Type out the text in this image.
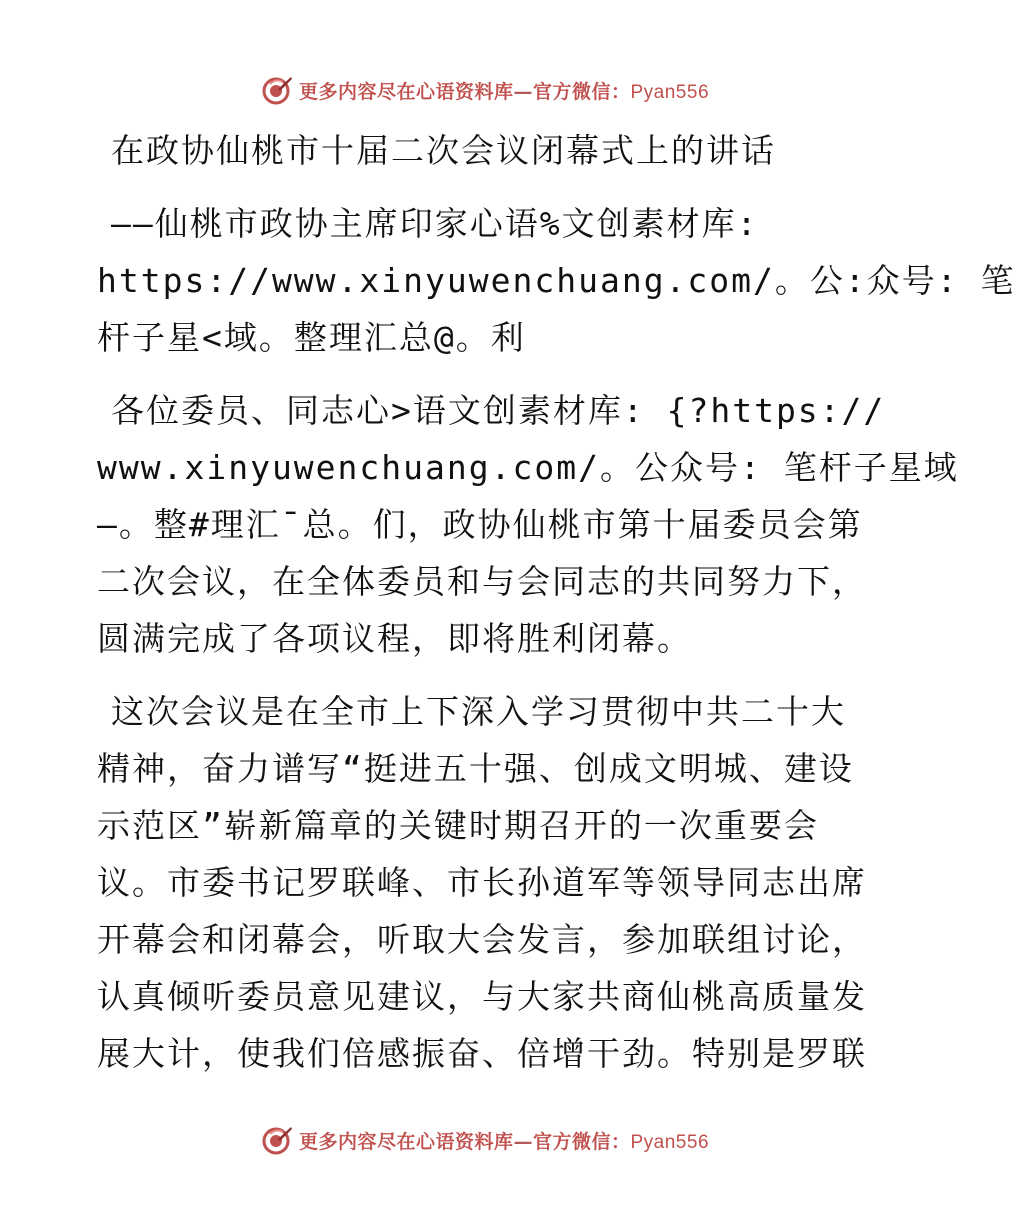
更多内容尽在心语资料库—官方微信：Pyan556
在政协仙桃市十届二次会议闭幕式上的讲话
——仙桃市政协主席印家心语%文创素材库:
https://www.xinyuwenchuang.com/。公:众号: 笔
杆子星<域。整理汇总@。利
各位委员、同志心>语文创素材库: {?https://
www.xinyuwenchuang.com/。公众号: 笔杆子星域
—。整#理汇¯总。们，政协仙桃市第十届委员会第
二次会议，在全体委员和与会同志的共同努力下，
圆满完成了各项议程，即将胜利闭幕。
这次会议是在全市上下深入学习贯彻中共二十大
精神，奋力谱写“挺进五十强、创成文明城、建设
示范区”崭新篇章的关键时期召开的一次重要会
议。市委书记罗联峰、市长孙道军等领导同志出席
开幕会和闭幕会，听取大会发言，参加联组讨论，
认真倾听委员意见建议，与大家共商仙桃高质量发
展大计，使我们倍感振奋、倍增干劲。特别是罗联
更多内容尽在心语资料库—官方微信：Pyan556
